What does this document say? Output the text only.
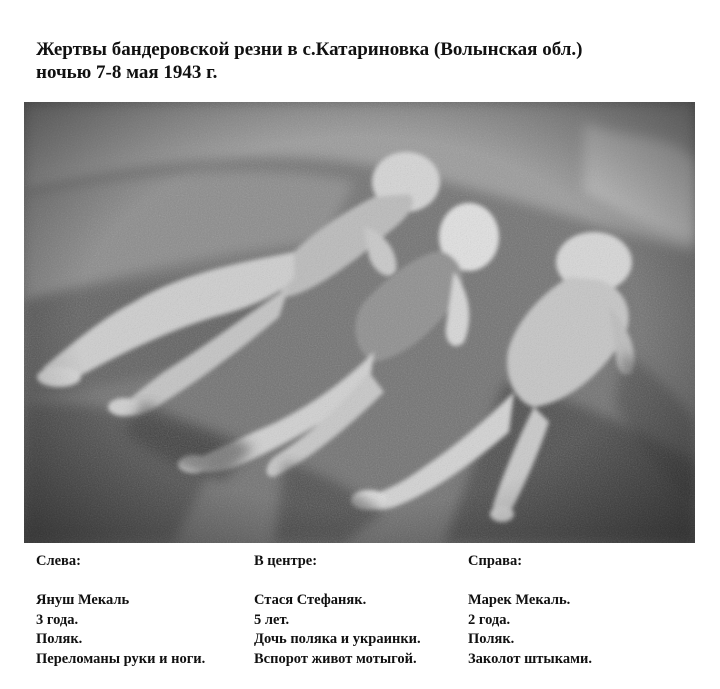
Жертвы бандеровской резни в с.Катариновка (Волынская обл.)
ночью 7-8 мая 1943 г.
Слева:
Януш Мекаль
3 года.
Поляк.
Переломаны руки и ноги.
В центре:
Стася Стефаняк.
5 лет.
Дочь поляка и украинки.
Вспорот живот мотыгой.
Справа:
Марек Мекаль.
2 года.
Поляк.
Заколот штыками.
